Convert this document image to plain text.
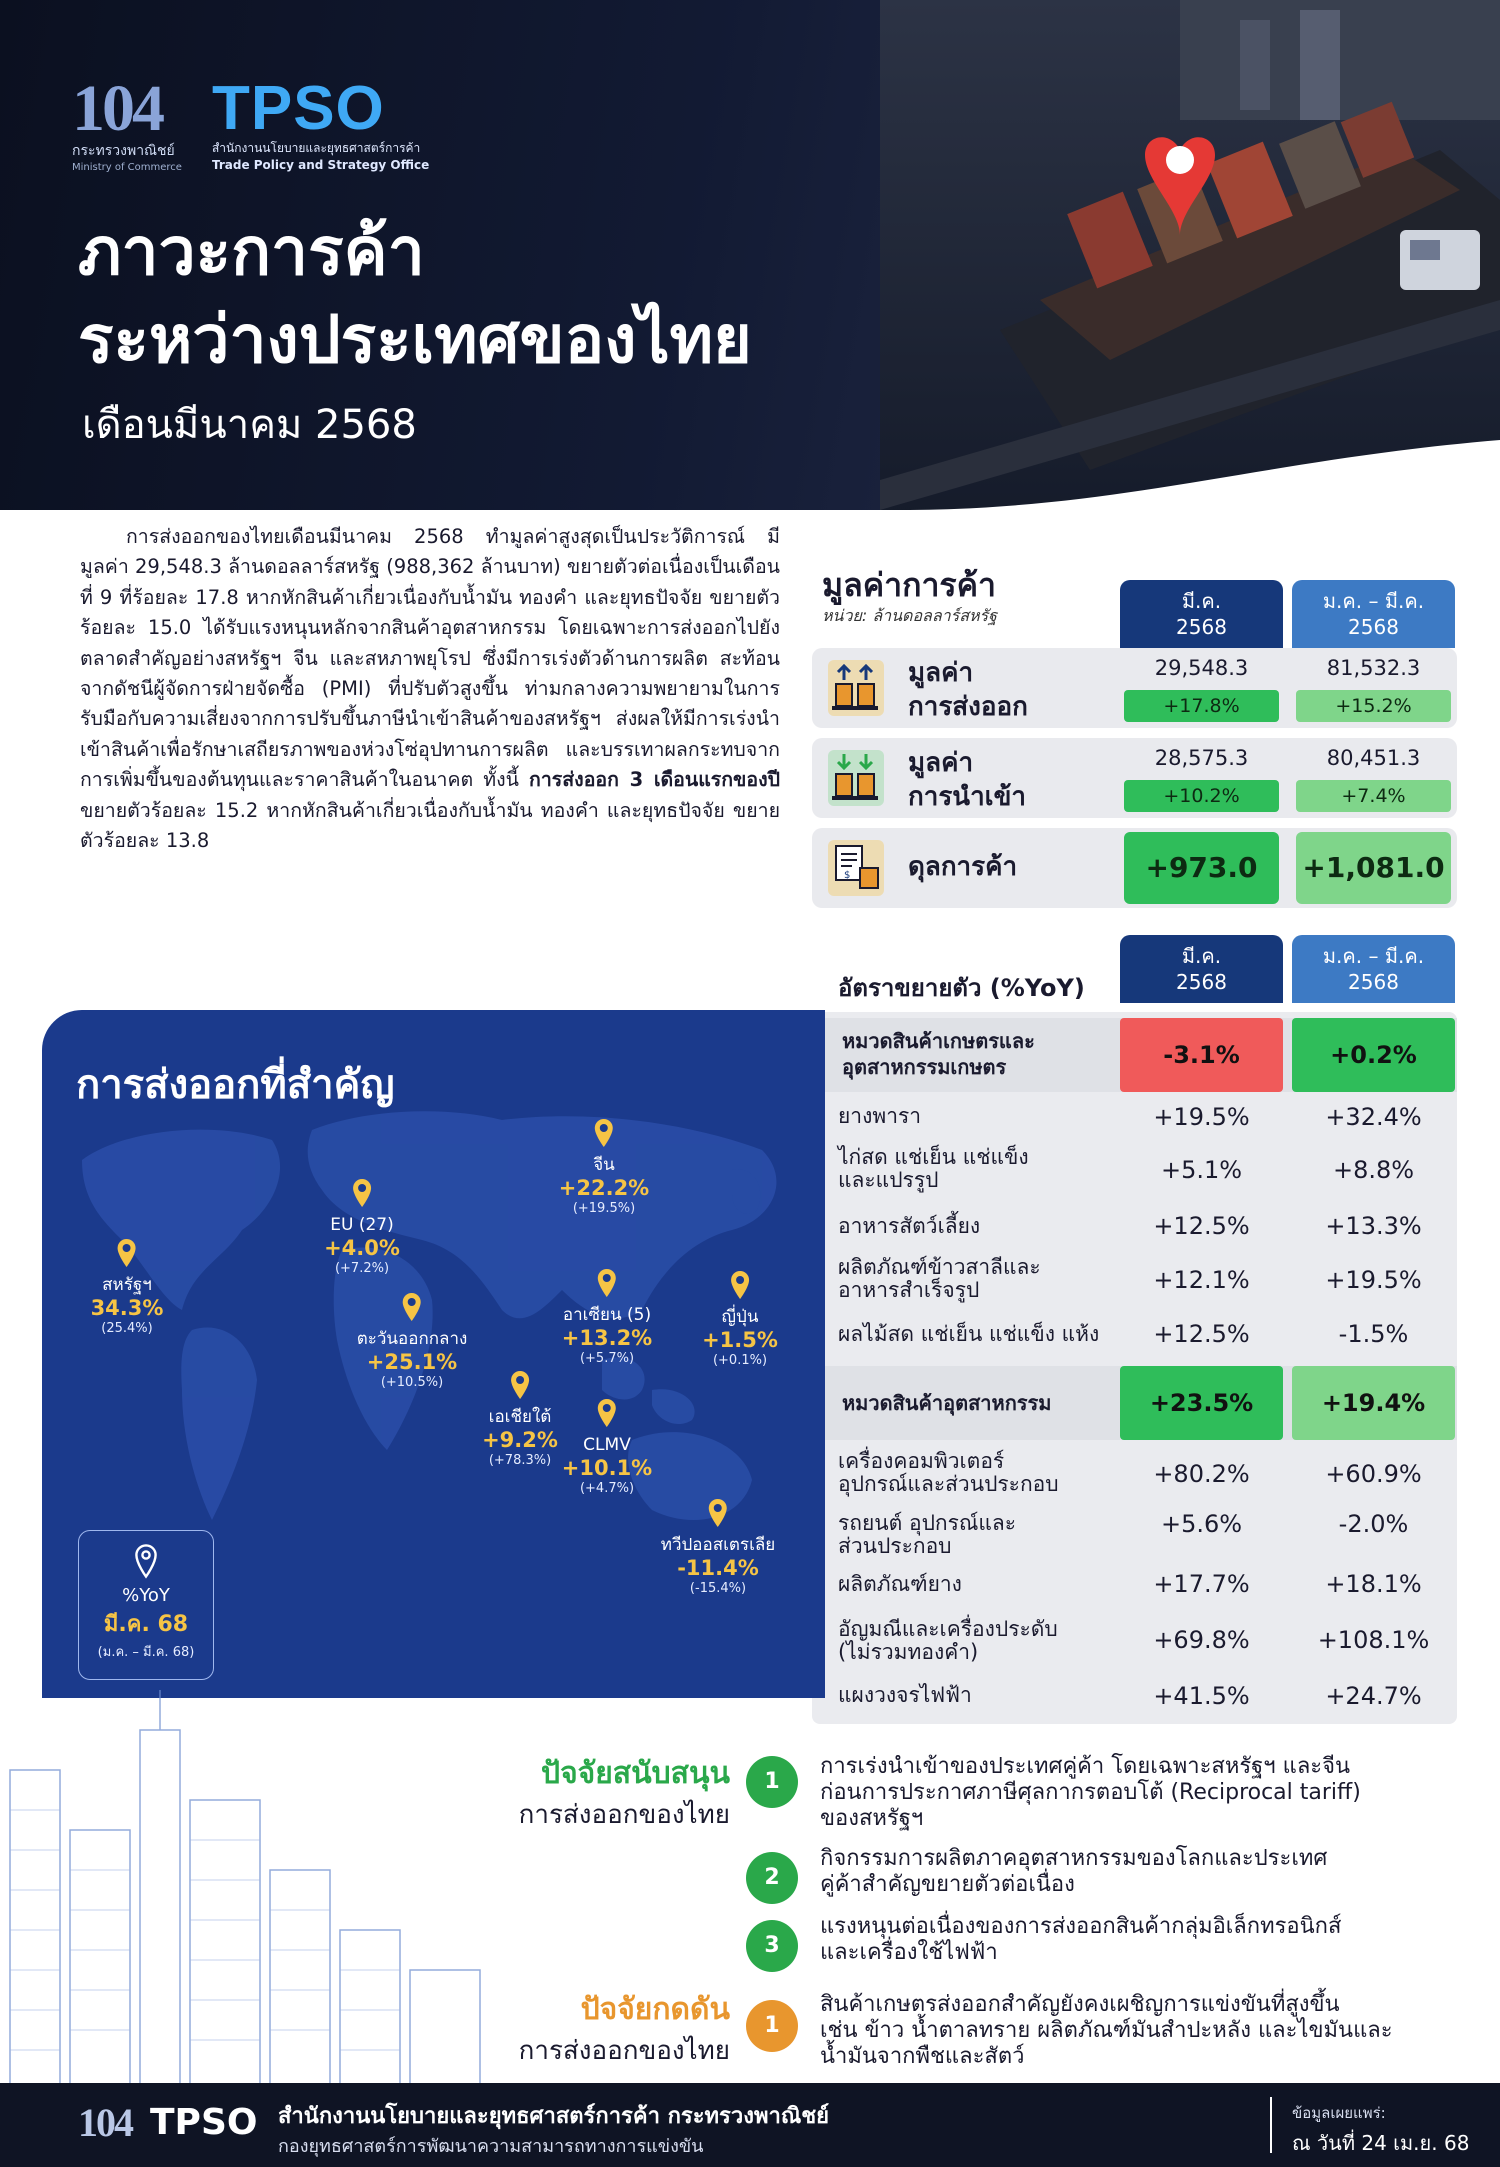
104
กระทรวงพาณิชย์
Ministry of Commerce
TPSO
สำนักงานนโยบายและยุทธศาสตร์การค้า
Trade Policy and Strategy Office
ภาวะการค้า
ระหว่างประเทศของไทย
เดือนมีนาคม 2568
การส่งออกของไทยเดือนมีนาคม 2568 ทำมูลค่าสูงสุดเป็นประวัติการณ์ มีมูลค่า 29,548.3 ล้านดอลลาร์สหรัฐ (988,362 ล้านบาท) ขยายตัวต่อเนื่องเป็นเดือนที่ 9 ที่ร้อยละ 17.8 หากหักสินค้าเกี่ยวเนื่องกับน้ำมัน ทองคำ และยุทธปัจจัย ขยายตัวร้อยละ 15.0 ได้รับแรงหนุนหลักจากสินค้าอุตสาหกรรม โดยเฉพาะการส่งออกไปยังตลาดสำคัญอย่างสหรัฐฯ จีน และสหภาพยุโรป ซึ่งมีการเร่งตัวด้านการผลิต สะท้อนจากดัชนีผู้จัดการฝ่ายจัดซื้อ (PMI) ที่ปรับตัวสูงขึ้น ท่ามกลางความพยายามในการรับมือกับความเสี่ยงจากการปรับขึ้นภาษีนำเข้าสินค้าของสหรัฐฯ ส่งผลให้มีการเร่งนำเข้าสินค้าเพื่อรักษาเสถียรภาพของห่วงโซ่อุปทานการผลิต และบรรเทาผลกระทบจากการเพิ่มขึ้นของต้นทุนและราคาสินค้าในอนาคต ทั้งนี้ การส่งออก 3 เดือนแรกของปี ขยายตัวร้อยละ 15.2 หากหักสินค้าเกี่ยวเนื่องกับน้ำมัน ทองคำ และยุทธปัจจัย ขยายตัวร้อยละ 13.8
มูลค่าการค้า
หน่วย: ล้านดอลลาร์สหรัฐ
มี.ค.
2568
ม.ค. – มี.ค.
2568
มูลค่า
การส่งออก
29,548.3	81,532.3
+17.8%	+15.2%
มูลค่า
การนำเข้า
28,575.3	80,451.3
+10.2%	+7.4%
$ ดุลการค้า	+973.0	+1,081.0
มี.ค.
2568
ม.ค. – มี.ค.
2568
อัตราขยายตัว (%YoY)
หมวดสินค้าเกษตรและ
อุตสาหกรรมเกษตร	-3.1%	+0.2%
ยางพารา	+19.5%	+32.4%
ไก่สด แช่เย็น แช่แข็ง
และแปรรูป	+5.1%	+8.8%
อาหารสัตว์เลี้ยง	+12.5%	+13.3%
ผลิตภัณฑ์ข้าวสาลีและ
อาหารสำเร็จรูป	+12.1%	+19.5%
ผลไม้สด แช่เย็น แช่แข็ง แห้ง	+12.5%	-1.5%
หมวดสินค้าอุตสาหกรรม	+23.5%	+19.4%
เครื่องคอมพิวเตอร์
อุปกรณ์และส่วนประกอบ	+80.2%	+60.9%
รถยนต์ อุปกรณ์และ
ส่วนประกอบ
+5.6%	-2.0%
ผลิตภัณฑ์ยาง	+17.7%	+18.1%
อัญมณีและเครื่องประดับ
(ไม่รวมทองคำ)	+69.8%	+108.1%
แผงวงจรไฟฟ้า	+41.5%	+24.7%
การส่งออกที่สำคัญ
สหรัฐฯ
34.3%
(25.4%)
EU (27)
+4.0%
(+7.2%)
จีน
+22.2%
(+19.5%)
ตะวันออกกลาง
+25.1%
(+10.5%)
อาเซียน (5)
+13.2%
(+5.7%)
ญี่ปุ่น
+1.5%
(+0.1%)
เอเชียใต้
+9.2%
(+78.3%)
CLMV
+10.1%
(+4.7%)
ทวีปออสเตรเลีย
-11.4%
(-15.4%)
%YoY
มี.ค. 68
(ม.ค. – มี.ค. 68)
ปัจจัยสนับสนุน
การส่งออกของไทย
1
การเร่งนำเข้าของประเทศคู่ค้า โดยเฉพาะสหรัฐฯ และจีน
ก่อนการประกาศภาษีศุลกากรตอบโต้ (Reciprocal tariff)
ของสหรัฐฯ
2
กิจกรรมการผลิตภาคอุตสาหกรรมของโลกและประเทศ
คู่ค้าสำคัญขยายตัวต่อเนื่อง
3
แรงหนุนต่อเนื่องของการส่งออกสินค้ากลุ่มอิเล็กทรอนิกส์
และเครื่องใช้ไฟฟ้า
ปัจจัยกดดัน
การส่งออกของไทย
1
สินค้าเกษตรส่งออกสำคัญยังคงเผชิญการแข่งขันที่สูงขึ้น
เช่น ข้าว น้ำตาลทราย ผลิตภัณฑ์มันสำปะหลัง และไขมันและ
น้ำมันจากพืชและสัตว์
104 TPSO สำนักงานนโยบายและยุทธศาสตร์การค้า กระทรวงพาณิชย์
กองยุทธศาสตร์การพัฒนาความสามารถทางการแข่งขัน
ข้อมูลเผยแพร่:
ณ วันที่ 24 เม.ย. 68
